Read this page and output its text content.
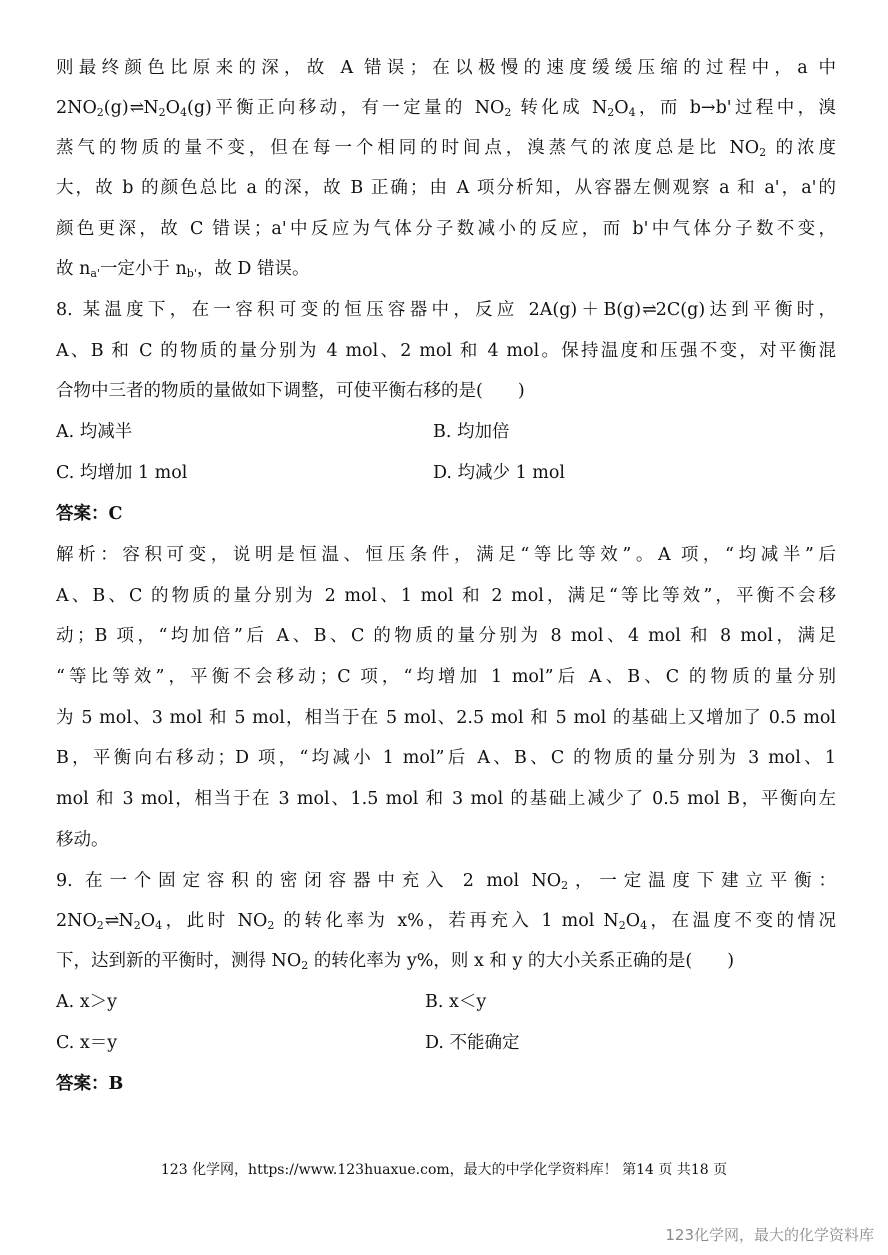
则最终颜色比原来的深，故 A 错误；在以极慢的速度缓缓压缩的过程中，a 中
$2NO_2(g)\rightleftharpoons N_2O_4(g)$平衡正向移动，有一定量的 $NO_2$ 转化成 $N_2O_4$，而 b→b'过程中，溴
蒸气的物质的量不变，但在每一个相同的时间点，溴蒸气的浓度总是比 $NO_2$ 的浓度
大，故 b 的颜色总比 a 的深，故 B 正确；由 A 项分析知，从容器左侧观察 a 和 a'，a'的
颜色更深，故 C 错误；a'中反应为气体分子数减小的反应，而 b'中气体分子数不变，
故 $n_{a'}$一定小于 $n_{b'}$，故 D 错误。
8. 某温度下，在一容积可变的恒压容器中，反应 2A(g)＋B(g)⇌2C(g)达到平衡时，
A、B 和 C 的物质的量分别为 4 mol、2 mol 和 4 mol。保持温度和压强不变，对平衡混
合物中三者的物质的量做如下调整，可使平衡右移的是(　　)
A. 均减半	B. 均加倍
C. 均增加 1 mol	D. 均减少 1 mol
答案：C
解析：容积可变，说明是恒温、恒压条件，满足“等比等效”。A 项，“均减半”后
A、B、C 的物质的量分别为 2 mol、1 mol 和 2 mol，满足“等比等效”，平衡不会移
动；B 项，“均加倍”后 A、B、C 的物质的量分别为 8 mol、4 mol 和 8 mol，满足
“等比等效”，平衡不会移动；C 项，“均增加 1 mol”后 A、B、C 的物质的量分别
为 5 mol、3 mol 和 5 mol，相当于在 5 mol、2.5 mol 和 5 mol 的基础上又增加了 0.5 mol
B，平衡向右移动；D 项，“均减小 1 mol”后 A、B、C 的物质的量分别为 3 mol、1
mol 和 3 mol，相当于在 3 mol、1.5 mol 和 3 mol 的基础上减少了 0.5 mol B，平衡向左
移动。
9. 在一个固定容积的密闭容器中充入 2 mol $NO_2$，一定温度下建立平衡：
$2NO_2\rightleftharpoons N_2O_4$，此时 $NO_2$ 的转化率为 x%，若再充入 1 mol $N_2O_4$，在温度不变的情况
下，达到新的平衡时，测得 $NO_2$ 的转化率为 y%，则 x 和 y 的大小关系正确的是(　　)
A. x＞y	B. x＜y
C. x＝y	D. 不能确定
答案：B
123 化学网，https://www.123huaxue.com，最大的中学化学资料库！ 第14 页 共18 页
123化学网，最大的化学资料库
